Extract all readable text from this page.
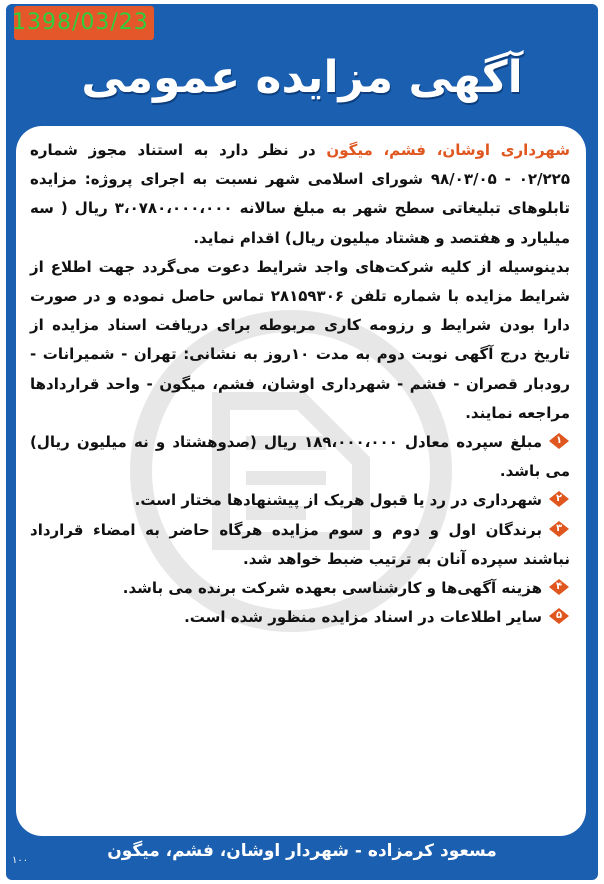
آگهی مزایده عمومی

شهرداری اوشان، فشم، میگون در نظر دارد به استناد مجوز شماره ۰۲/۲۲۵ - ۹۸/۰۳/۰۵ شورای اسلامی شهر نسبت به اجرای پروژه: مزایده تابلوهای تبلیغاتی سطح شهر به مبلغ سالانه ۳،۰۷۸۰،۰۰۰،۰۰۰ ریال ( سه میلیارد و هفتصد و هشتاد میلیون ریال) اقدام نماید.

بدینوسیله از کلیه شرکت‌های واجد شرایط دعوت می‌گردد جهت اطلاع از شرایط مزایده با شماره تلفن ۲۸۱۵۹۳۰۶ تماس حاصل نموده و در صورت دارا بودن شرایط و رزومه کاری مربوطه برای دریافت اسناد مزایده از تاریخ درج آگهی نوبت دوم به مدت ۱۰روز به نشانی: تهران - شمیرانات - رودبار قصران - فشم - شهرداری اوشان، فشم، میگون - واحد قراردادها مراجعه نمایند.

۱
مبلغ سپرده معادل ۱۸۹،۰۰۰،۰۰۰ ریال (صدوهشتاد و نه میلیون ریال) می باشد.
۲
شهرداری در رد یا قبول هریک از پیشنهادها مختار است.
۳
برندگان اول و دوم و سوم مزایده هرگاه حاضر به امضاء قرارداد نباشند سپرده آنان به ترتیب ضبط خواهد شد.
۴
هزینه آگهی‌ها و کارشناسی بعهده شرکت برنده می باشد.
۵
سایر اطلاعات در اسناد مزایده منظور شده است.
مسعود کرمزاده - شهردار اوشان، فشم، میگون
۱۰۰
1398/03/23
